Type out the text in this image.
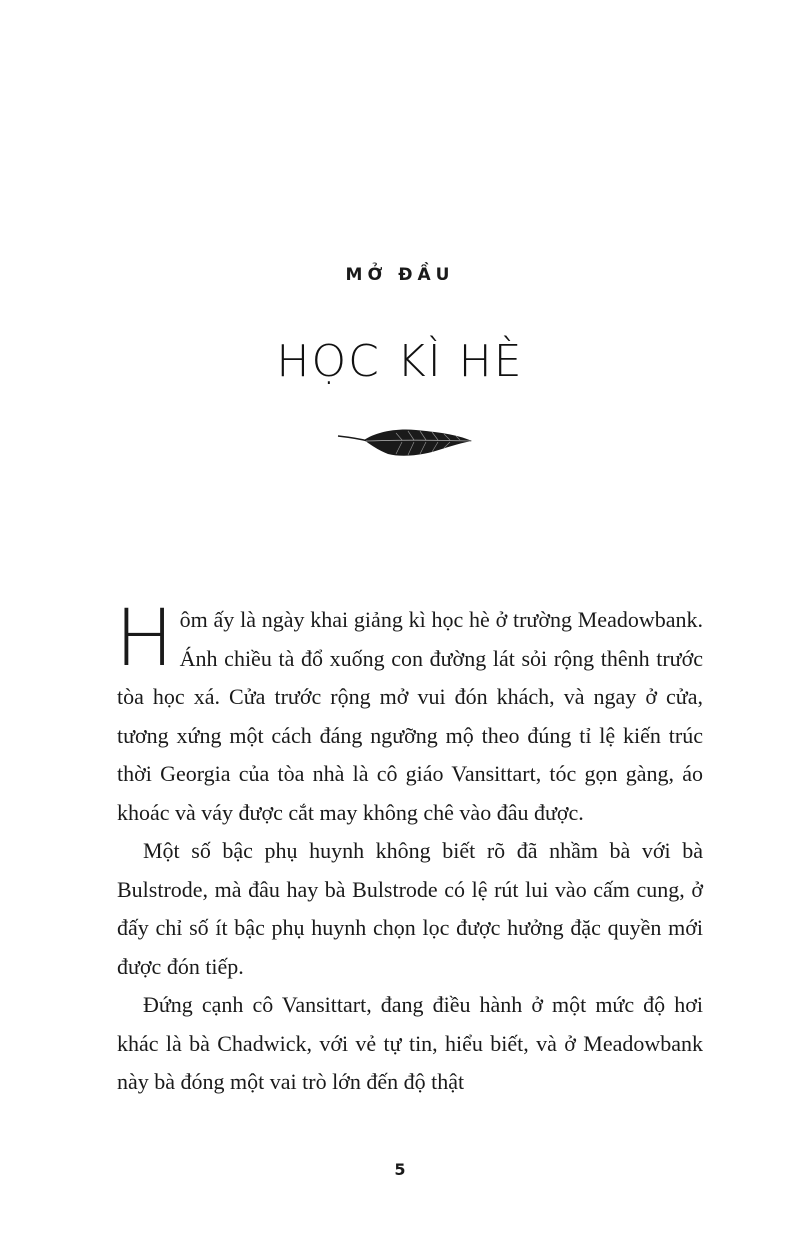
MỞ ĐẦU
HỌC KÌ HÈ

Hôm ấy là ngày khai giảng kì học hè ở trường Meadowbank. Ánh chiều tà đổ xuống con đường lát sỏi rộng thênh trước tòa học xá. Cửa trước rộng mở vui đón khách, và ngay ở cửa, tương xứng một cách đáng ngưỡng mộ theo đúng tỉ lệ kiến trúc thời Georgia của tòa nhà là cô giáo Vansittart, tóc gọn gàng, áo khoác và váy được cắt may không chê vào đâu được.

Một số bậc phụ huynh không biết rõ đã nhầm bà với bà Bulstrode, mà đâu hay bà Bulstrode có lệ rút lui vào cấm cung, ở đấy chỉ số ít bậc phụ huynh chọn lọc được hưởng đặc quyền mới được đón tiếp.

Đứng cạnh cô Vansittart, đang điều hành ở một mức độ hơi khác là bà Chadwick, với vẻ tự tin, hiểu biết, và ở Meadowbank này bà đóng một vai trò lớn đến độ thật

5
